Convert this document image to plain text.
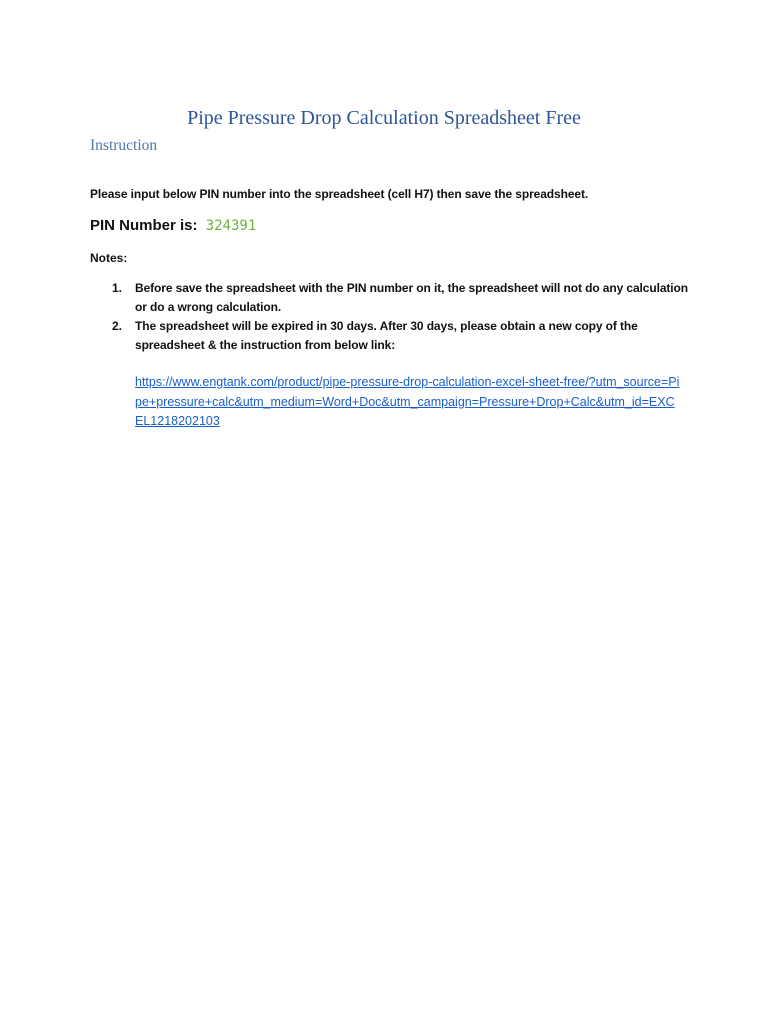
Pipe Pressure Drop Calculation Spreadsheet Free
Instruction

Please input below PIN number into the spreadsheet (cell H7) then save the spreadsheet.

PIN Number is: 324391

Notes:

1. Before save the spreadsheet with the PIN number on it, the spreadsheet will not do any calculation or do a wrong calculation.
2. The spreadsheet will be expired in 30 days. After 30 days, please obtain a new copy of the spreadsheet & the instruction from below link:
https://www.engtank.com/product/pipe-pressure-drop-calculation-excel-sheet-free/?utm_source=Pipe+pressure+calc&utm_medium=Word+Doc&utm_campaign=Pressure+Drop+Calc&utm_id=EXCEL1218202103
